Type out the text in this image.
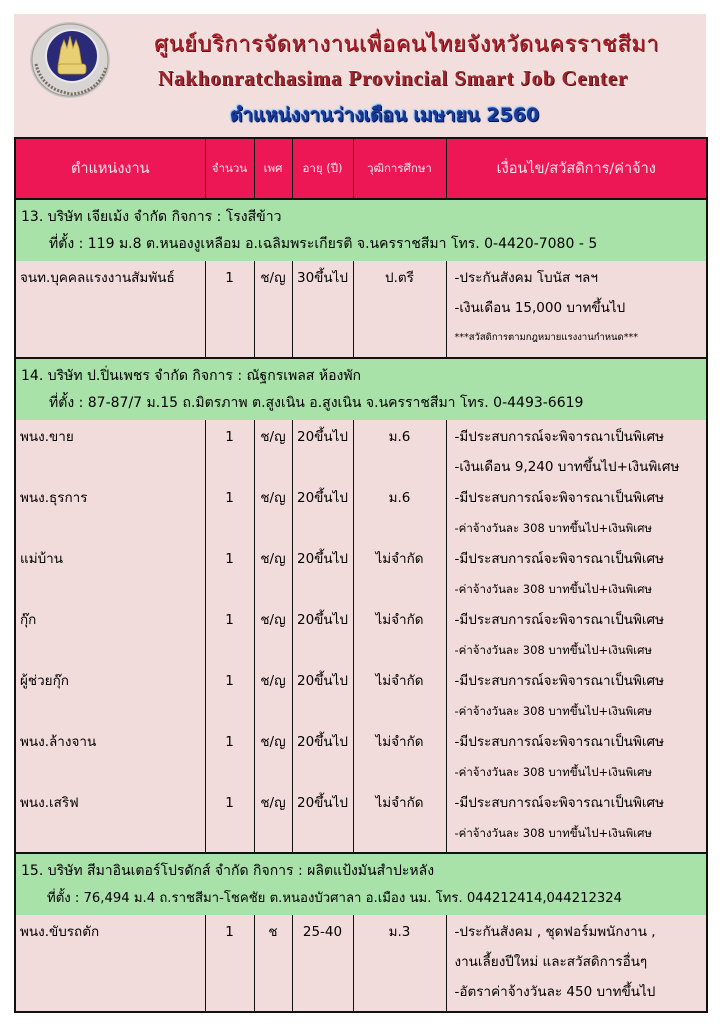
ศูนย์บริการจัดหางานเพื่อคนไทยจังหวัดนครราชสีมา
Nakhonratchasima Provincial Smart Job Center
ตำแหน่งงานว่างเดือน เมษายน 2560
ตำแหน่งงาน	จำนวน	เพศ	อายุ (ปี)	วุฒิการศึกษา	เงื่อนไข/สวัสดิการ/ค่าจ้าง

13. บริษัท เจียเม้ง จำกัด กิจการ : โรงสีข้าว
ที่ตั้ง : 119 ม.8 ต.หนองงูเหลือม อ.เฉลิมพระเกียรติ จ.นครราชสีมา โทร. 0-4420-7080 - 5					

จนท.บุคคลแรงงานสัมพันธ์	1	ช/ญ	30ขึ้นไป	ป.ตรี	-ประกันสังคม โบนัส ฯลฯ
-เงินเดือน 15,000 บาทขึ้นไป
***สวัสดิการตามกฎหมายแรงงานกำหนด***

14. บริษัท ป.ปิ่นเพชร จำกัด กิจการ : ณัฐกรเพลส ห้องพัก
ที่ตั้ง : 87-87/7 ม.15 ถ.มิตรภาพ ต.สูงเนิน อ.สูงเนิน จ.นครราชสีมา โทร. 0-4493-6619					

พนง.ขาย	1	ช/ญ	20ขึ้นไป	ม.6	-มีประสบการณ์จะพิจารณาเป็นพิเศษ
-เงินเดือน 9,240 บาทขึ้นไป+เงินพิเศษ

พนง.ธุรการ	1	ช/ญ	20ขึ้นไป	ม.6	-มีประสบการณ์จะพิจารณาเป็นพิเศษ
-ค่าจ้างวันละ 308 บาทขึ้นไป+เงินพิเศษ

แม่บ้าน	1	ช/ญ	20ขึ้นไป	ไม่จำกัด	-มีประสบการณ์จะพิจารณาเป็นพิเศษ
-ค่าจ้างวันละ 308 บาทขึ้นไป+เงินพิเศษ

กุ๊ก	1	ช/ญ	20ขึ้นไป	ไม่จำกัด	-มีประสบการณ์จะพิจารณาเป็นพิเศษ
-ค่าจ้างวันละ 308 บาทขึ้นไป+เงินพิเศษ

ผู้ช่วยกุ๊ก	1	ช/ญ	20ขึ้นไป	ไม่จำกัด	-มีประสบการณ์จะพิจารณาเป็นพิเศษ
-ค่าจ้างวันละ 308 บาทขึ้นไป+เงินพิเศษ

พนง.ล้างจาน	1	ช/ญ	20ขึ้นไป	ไม่จำกัด	-มีประสบการณ์จะพิจารณาเป็นพิเศษ
-ค่าจ้างวันละ 308 บาทขึ้นไป+เงินพิเศษ

พนง.เสริฟ	1	ช/ญ	20ขึ้นไป	ไม่จำกัด	-มีประสบการณ์จะพิจารณาเป็นพิเศษ
-ค่าจ้างวันละ 308 บาทขึ้นไป+เงินพิเศษ

15. บริษัท สีมาอินเตอร์โปรดักส์ จำกัด กิจการ : ผลิตแป้งมันสำปะหลัง
ที่ตั้ง : 76,494 ม.4 ถ.ราชสีมา-โชคชัย ต.หนองบัวศาลา อ.เมือง นม. โทร. 044212414,044212324					

พนง.ขับรถตัก	1	ช	25-40	ม.3	-ประกันสังคม , ชุดฟอร์มพนักงาน ,
งานเลี้ยงปีใหม่ และสวัสดิการอื่นๆ
-อัตราค่าจ้างวันละ 450 บาทขึ้นไป
